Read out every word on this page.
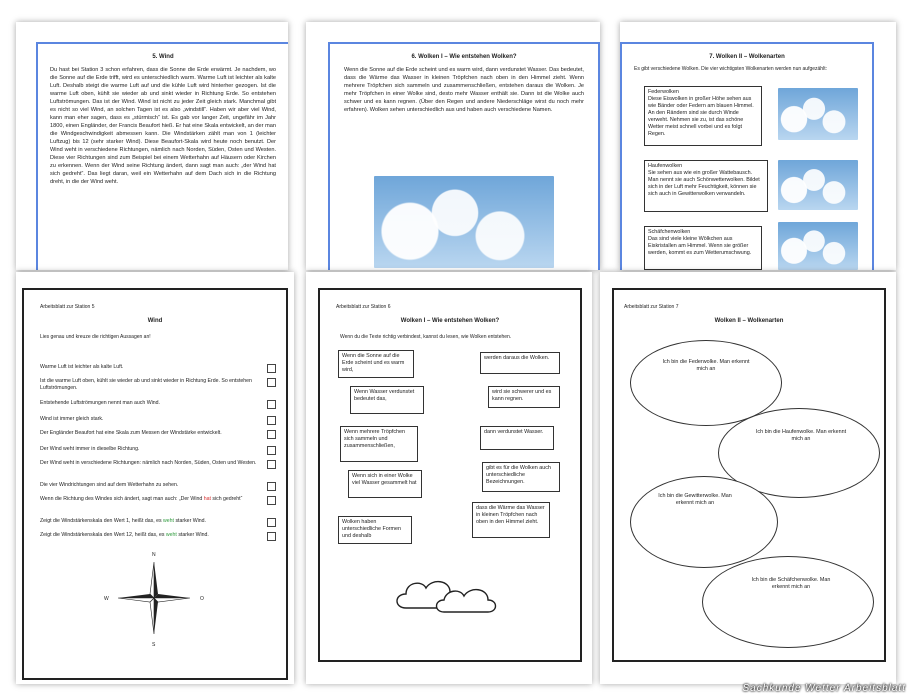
5. Wind

Du hast bei Station 3 schon erfahren, dass die Sonne die Erde erwärmt. Je nachdem, wo die Sonne auf die Erde trifft, wird es unterschiedlich warm. Warme Luft ist leichter als kalte Luft. Deshalb steigt die warme Luft auf und die kühle Luft wird hinterher gezogen. Ist die warme Luft oben, kühlt sie wieder ab und sinkt wieder in Richtung Erde. So entstehen Luftströmungen. Das ist der Wind. Wind ist nicht zu jeder Zeit gleich stark. Manchmal gibt es nicht so viel Wind, an solchen Tagen ist es also „windstill“. Haben wir aber viel Wind, kann man eher sagen, dass es „stürmisch“ ist. Es gab vor langer Zeit, ungefähr im Jahr 1800, einen Engländer, der Francis Beaufort hieß. Er hat eine Skala entwickelt, an der man die Windgeschwindigkeit abmessen kann. Die Windstärken zählt man von 1 (leichter Luftzug) bis 12 (sehr starker Wind). Diese Beaufort-Skala wird heute noch benutzt. Der Wind weht in verschiedene Richtungen, nämlich nach Norden, Süden, Osten und Westen. Diese vier Richtungen sind zum Beispiel bei einem Wetterhahn auf Häusern oder Kirchen zu erkennen. Wenn der Wind seine Richtung ändert, dann sagt man auch: „der Wind hat sich gedreht“. Das liegt daran, weil ein Wetterhahn auf dem Dach sich in die Richtung dreht, in die der Wind weht.

6. Wolken I – Wie entstehen Wolken?

Wenn die Sonne auf die Erde scheint und es warm wird, dann verdunstet Wasser. Das bedeutet, dass die Wärme das Wasser in kleinen Tröpfchen nach oben in den Himmel zieht. Wenn mehrere Tröpfchen sich sammeln und zusammenschließen, entstehen daraus die Wolken. Je mehr Tröpfchen in einer Wolke sind, desto mehr Wasser enthält sie. Dann ist die Wolke auch schwer und es kann regnen. (Über den Regen und andere Niederschläge wirst du noch mehr erfahren). Wolken sehen unterschiedlich aus und haben auch verschiedene Namen.

7. Wolken II – Wolkenarten

Es gibt verschiedene Wolken. Die vier wichtigsten Wolkenarten werden nun aufgezählt:

Federwolken
Diese Eiswolken in großer Höhe sehen aus wie Bänder oder Federn am blauen Himmel. An den Rändern sind sie durch Winde verweht. Nehmen sie zu, ist das schöne Wetter meist schnell vorbei und es folgt Regen.
Haufenwolken
Sie sehen aus wie ein großer Wattebausch. Man nennt sie auch Schönwetterwolken. Bildet sich in der Luft mehr Feuchtigkeit, können sie sich auch in Gewitterwolken verwandeln.
Schäfchenwolken
Das sind viele kleine Wölkchen aus Eiskristallen am Himmel. Wenn sie größer werden, kommt es zum Wetterumschwung.
Arbeitsblatt zur Station 5
Wind
Lies genau und kreuze die richtigen Aussagen an!
Warme Luft ist leichter als kalte Luft.
Ist die warme Luft oben, kühlt sie wieder ab und sinkt wieder in Richtung Erde. So entstehen Luftströmungen.
Entstehende Luftströmungen nennt man auch Wind.
Wind ist immer gleich stark.
Der Engländer Beaufort hat eine Skala zum Messen der Windstärke entwickelt.
Der Wind weht immer in dieselbe Richtung.
Der Wind weht in verschiedene Richtungen: nämlich nach Norden, Süden, Osten und Westen.
Die vier Windrichtungen sind auf dem Wetterhahn zu sehen.
Wenn die Richtung des Windes sich ändert, sagt man auch: „Der Wind hat sich gedreht“
Zeigt die Windstärkenskala den Wert 1, heißt das, es weht starker Wind.
Zeigt die Windstärkenskala den Wert 12, heißt das, es weht starker Wind.
N
S
W	O
Arbeitsblatt zur Station 6
Wolken I – Wie entstehen Wolken?
Wenn du die Texte richtig verbindest, kannst du lesen, wie Wolken entstehen.
Wenn die Sonne auf die Erde scheint und es warm wird,
Wenn Wasser verdunstet bedeutet das,
Wenn mehrere Tröpfchen sich sammeln und zusammenschließen,
Wenn sich in einer Wolke viel Wasser gesammelt hat
Wolken haben unterschiedliche Formen und deshalb
werden daraus die Wolken.
wird sie schwerer und es kann regnen.
dann verdunstet Wasser.
gibt es für die Wolken auch unterschiedliche Bezeichnungen.
dass die Wärme das Wasser in kleinen Tröpfchen nach oben in den Himmel zieht.
Arbeitsblatt zur Station 7
Wolken II – Wolkenarten
Ich bin die Federwolke. Man erkennt mich an
Ich bin die Haufenwolke. Man erkennt mich an
Ich bin die Gewitterwolke. Man erkennt mich an
Ich bin die Schäfchenwolke. Man erkennt mich an
Sachkunde Wetter Arbeitsblatt
